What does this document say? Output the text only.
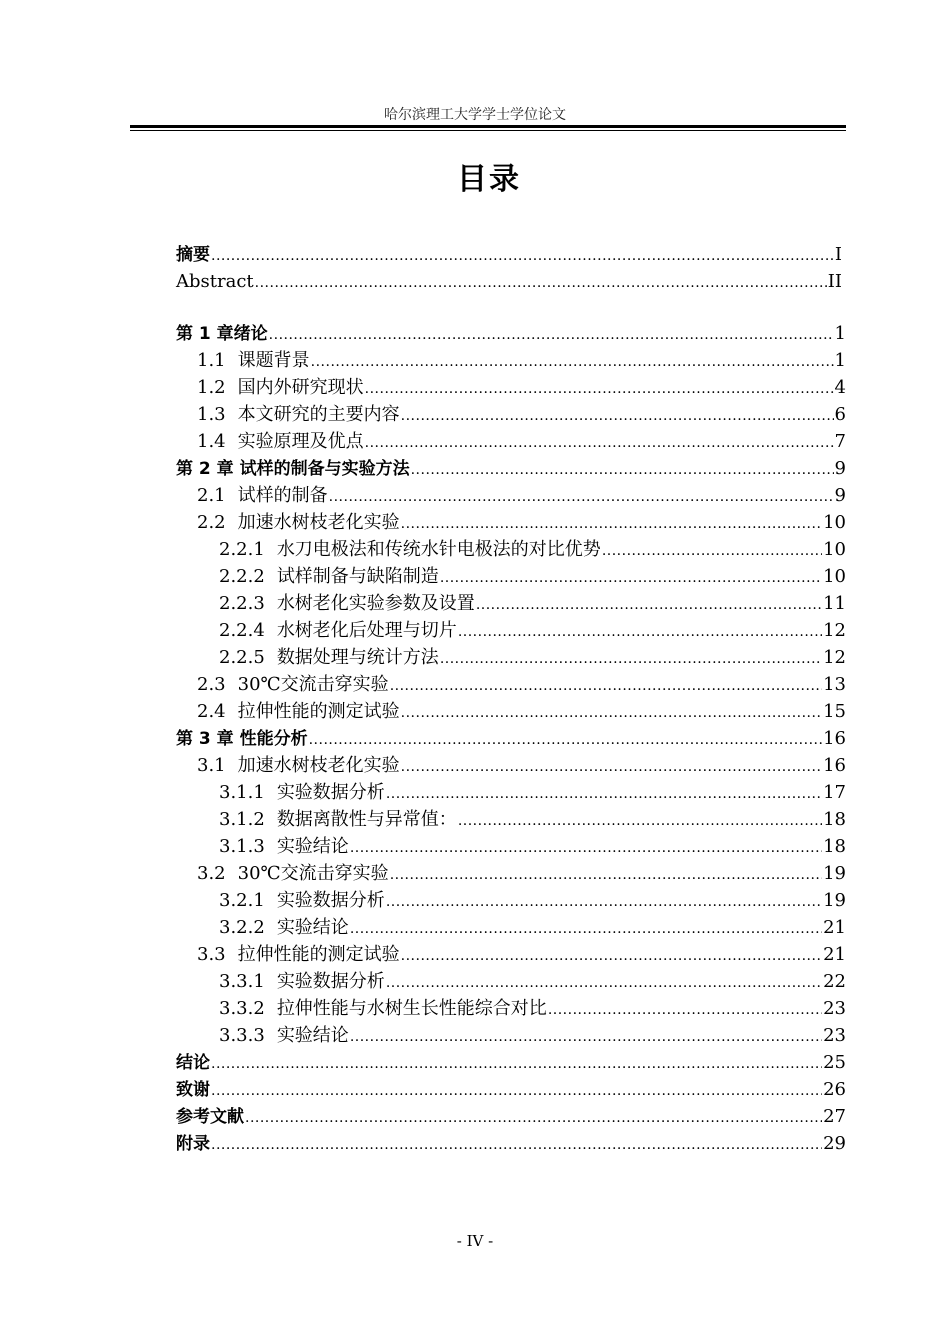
哈尔滨理工大学学士学位论文
目录
摘要 .....	I
Abstract .....	II
第 1 章绪论 .....	1
1.1 课题背景 .....	1
1.2 国内外研究现状 .....	4
1.3 本文研究的主要内容 .....	6
1.4 实验原理及优点 .....	7
第 2 章 试样的制备与实验方法 .....	9
2.1 试样的制备 .....	9
2.2 加速水树枝老化实验 .....	10
2.2.1 水刀电极法和传统水针电极法的对比优势 .....	10
2.2.2 试样制备与缺陷制造 .....	10
2.2.3 水树老化实验参数及设置 .....	11
2.2.4 水树老化后处理与切片 .....	12
2.2.5 数据处理与统计方法 .....	12
2.3 30℃交流击穿实验 .....	13
2.4 拉伸性能的测定试验 .....	15
第 3 章 性能分析 .....	16
3.1 加速水树枝老化实验 .....	16
3.1.1 实验数据分析 .....	17
3.1.2 数据离散性与异常值： .....	18
3.1.3 实验结论 .....	18
3.2 30℃交流击穿实验 .....	19
3.2.1 实验数据分析 .....	19
3.2.2 实验结论 .....	21
3.3 拉伸性能的测定试验 .....	21
3.3.1 实验数据分析 .....	22
3.3.2 拉伸性能与水树生长性能综合对比 .....	23
3.3.3 实验结论 .....	23
结论 .....	25
致谢 .....	26
参考文献 .....	27
附录 .....	29
- IV -
